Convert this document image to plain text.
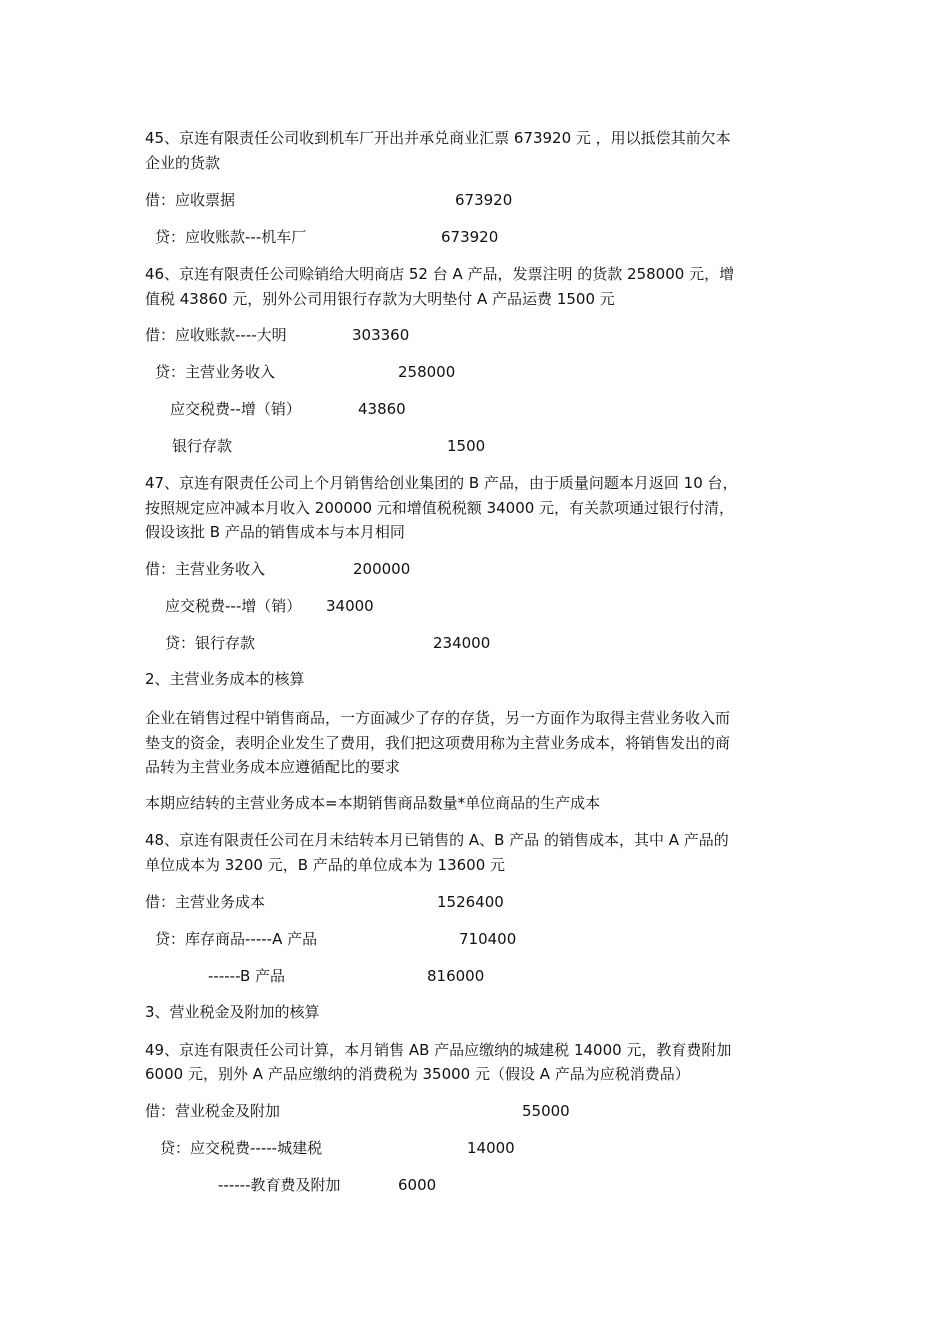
45、京连有限责任公司收到机车厂开出并承兑商业汇票 673920 元 ，用以抵偿其前欠本
企业的货款
借：应收票据	673920
贷：应收账款---机车厂	673920
46、京连有限责任公司赊销给大明商店 52 台 A 产品，发票注明 的货款 258000 元，增
值税 43860 元，别外公司用银行存款为大明垫付 A 产品运费 1500 元
借：应收账款----大明	303360
贷：主营业务收入	258000
应交税费--增（销）	43860
银行存款	1500
47、京连有限责任公司上个月销售给创业集团的 B 产品，由于质量问题本月返回 10 台，
按照规定应冲减本月收入 200000 元和增值税税额 34000 元，有关款项通过银行付清，
假设该批 B 产品的销售成本与本月相同
借：主营业务收入	200000
应交税费---增（销） 34000
贷：银行存款	234000
2、主营业务成本的核算
企业在销售过程中销售商品，一方面减少了存的存货，另一方面作为取得主营业务收入而
垫支的资金，表明企业发生了费用，我们把这项费用称为主营业务成本，将销售发出的商
品转为主营业务成本应遵循配比的要求
本期应结转的主营业务成本=本期销售商品数量*单位商品的生产成本
48、京连有限责任公司在月未结转本月已销售的 A、B 产品 的销售成本，其中 A 产品的
单位成本为 3200 元，B 产品的单位成本为 13600 元
借：主营业务成本	1526400
贷：库存商品-----A 产品	710400
------B 产品	816000
3、营业税金及附加的核算
49、京连有限责任公司计算，本月销售 AB 产品应缴纳的城建税 14000 元，教育费附加
6000 元，别外 A 产品应缴纳的消费税为 35000 元（假设 A 产品为应税消费品）
借：营业税金及附加	55000
贷：应交税费-----城建税	14000
------教育费及附加	6000
